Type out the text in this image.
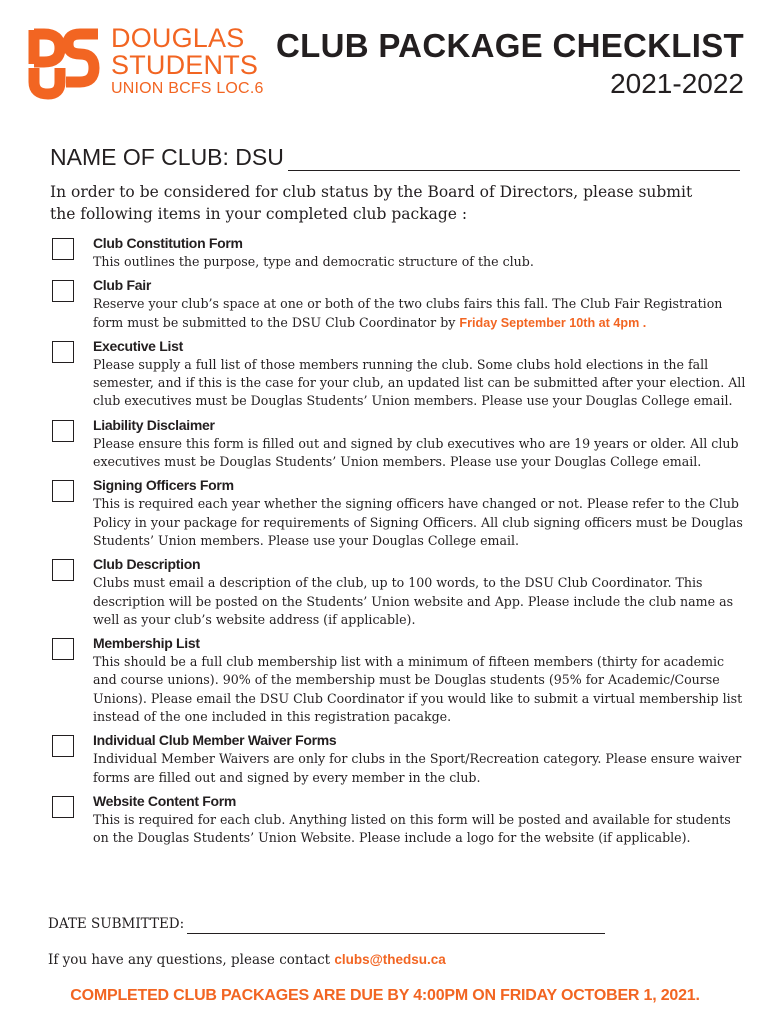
DOUGLAS
STUDENTS
UNION BCFS LOC.6
CLUB PACKAGE CHECKLIST
2021-2022
NAME OF CLUB: DSU
In order to be considered for club status by the Board of Directors, please submit the following items in your completed club package :
Club Constitution Form
This outlines the purpose, type and democratic structure of the club.
Club Fair
Reserve your club’s space at one or both of the two clubs fairs this fall. The Club Fair Registration form must be submitted to the DSU Club Coordinator by Friday September 10th at 4pm .
Executive List
Please supply a full list of those members running the club. Some clubs hold elections in the fall semester, and if this is the case for your club, an updated list can be submitted after your election. All club executives must be Douglas Students’ Union members. Please use your Douglas College email.
Liability Disclaimer
Please ensure this form is filled out and signed by club executives who are 19 years or older. All club executives must be Douglas Students’ Union members. Please use your Douglas College email.
Signing Officers Form
This is required each year whether the signing officers have changed or not. Please refer to the Club Policy in your package for requirements of Signing Officers. All club signing officers must be Douglas Students’ Union members. Please use your Douglas College email.
Club Description
Clubs must email a description of the club, up to 100 words, to the DSU Club Coordinator. This description will be posted on the Students’ Union website and App. Please include the club name as well as your club’s website address (if applicable).
Membership List
This should be a full club membership list with a minimum of fifteen members (thirty for academic and course unions). 90% of the membership must be Douglas students (95% for Academic/Course Unions). Please email the DSU Club Coordinator if you would like to submit a virtual membership list instead of the one included in this registration pacakge.
Individual Club Member Waiver Forms
Individual Member Waivers are only for clubs in the Sport/Recreation category. Please ensure waiver forms are filled out and signed by every member in the club.
Website Content Form
This is required for each club. Anything listed on this form will be posted and available for students on the Douglas Students’ Union Website. Please include a logo for the website (if applicable).
DATE SUBMITTED:
If you have any questions, please contact clubs@thedsu.ca
COMPLETED CLUB PACKAGES ARE DUE BY 4:00PM ON FRIDAY OCTOBER 1, 2021.
